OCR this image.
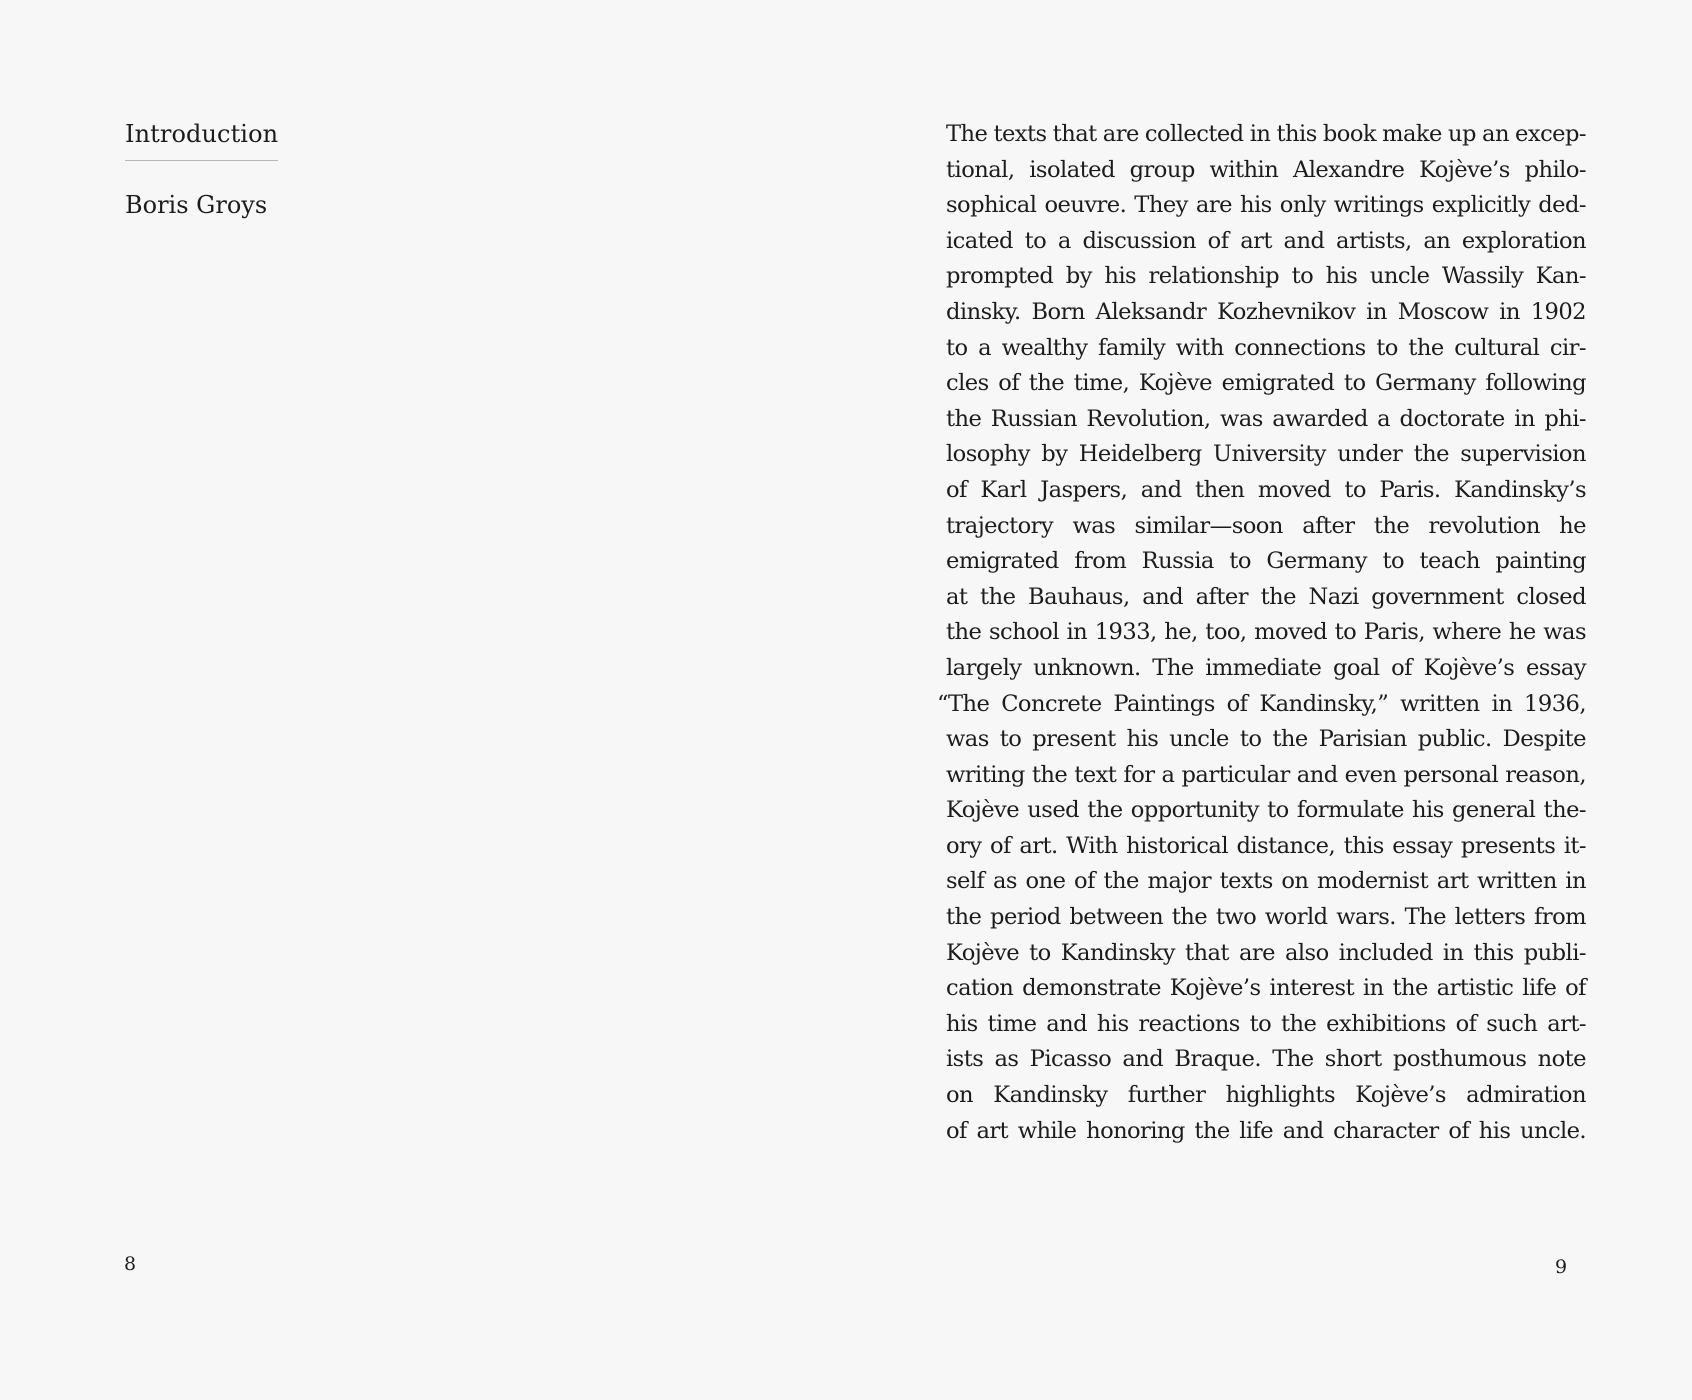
Introduction
Boris Groys

8

The texts that are collected in this book make up an excep-
tional, isolated group within Alexandre Kojève’s philo-
sophical oeuvre. They are his only writings explicitly ded-
icated to a discussion of art and artists, an exploration
prompted by his relationship to his uncle Wassily Kan-
dinsky. Born Aleksandr Kozhevnikov in Moscow in 1902
to a wealthy family with connections to the cultural cir-
cles of the time, Kojève emigrated to Germany following
the Russian Revolution, was awarded a doctorate in phi-
losophy by Heidelberg University under the supervision
of Karl Jaspers, and then moved to Paris. Kandinsky’s
trajectory was similar—soon after the revolution he
emigrated from Russia to Germany to teach painting
at the Bauhaus, and after the Nazi government closed
the school in 1933, he, too, moved to Paris, where he was
largely unknown. The immediate goal of Kojève’s essay
“The Concrete Paintings of Kandinsky,” written in 1936,
was to present his uncle to the Parisian public. Despite
writing the text for a particular and even personal reason,
Kojève used the opportunity to formulate his general the-
ory of art. With historical distance, this essay presents it-
self as one of the major texts on modernist art written in
the period between the two world wars. The letters from
Kojève to Kandinsky that are also included in this publi-
cation demonstrate Kojève’s interest in the artistic life of
his time and his reactions to the exhibitions of such art-
ists as Picasso and Braque. The short posthumous note
on Kandinsky further highlights Kojève’s admiration
of art while honoring the life and character of his uncle.

9
